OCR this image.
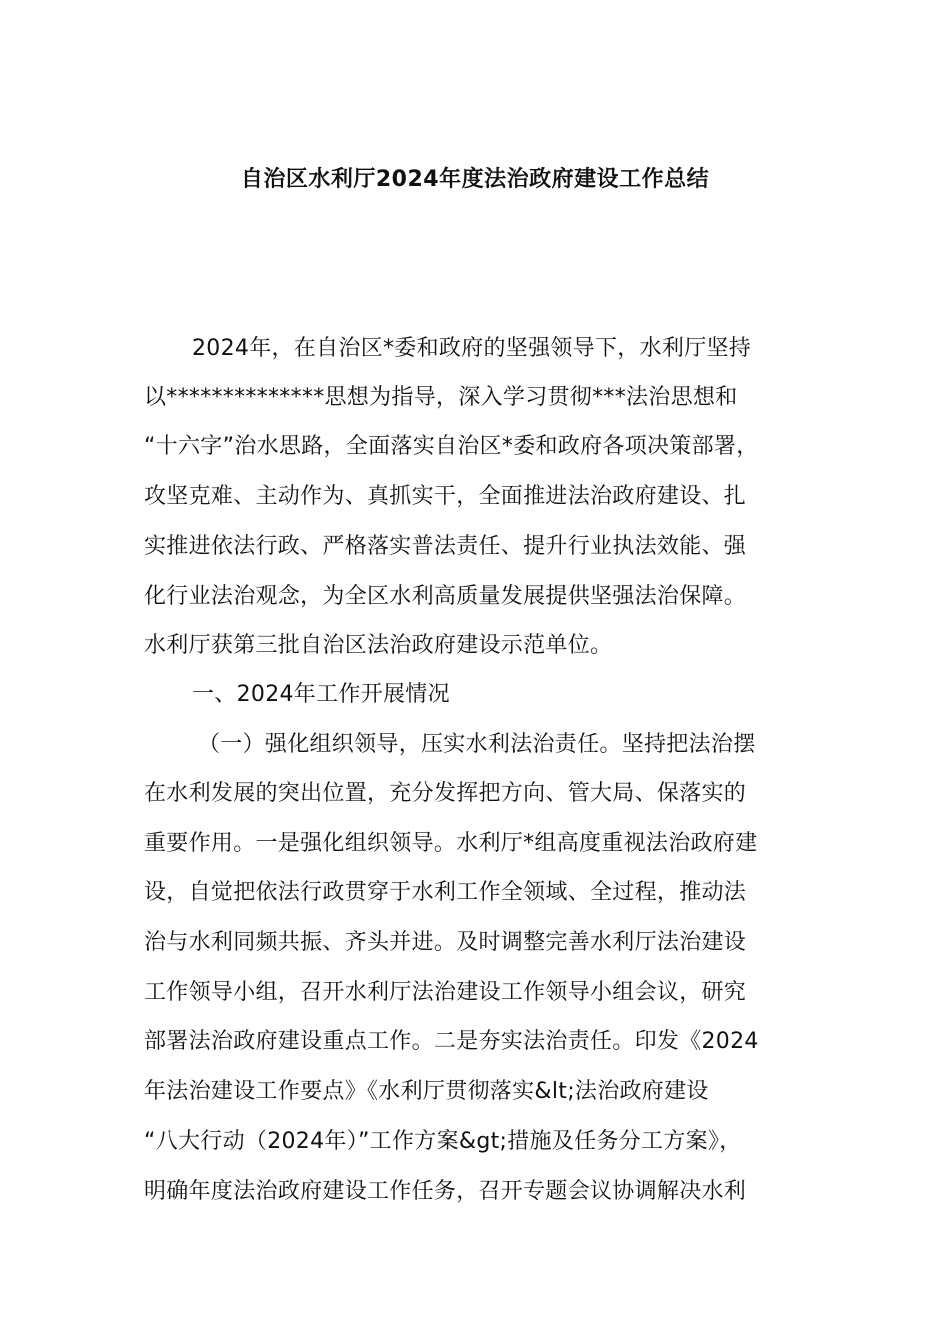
自治区水利厅2024年度法治政府建设工作总结
2024年，在自治区*委和政府的坚强领导下，水利厅坚持
以**************思想为指导，深入学习贯彻***法治思想和
“十六字”治水思路，全面落实自治区*委和政府各项决策部署，
攻坚克难、主动作为、真抓实干，全面推进法治政府建设、扎
实推进依法行政、严格落实普法责任、提升行业执法效能、强
化行业法治观念，为全区水利高质量发展提供坚强法治保障。
水利厅获第三批自治区法治政府建设示范单位。
一、2024年工作开展情况
（一）强化组织领导，压实水利法治责任。坚持把法治摆
在水利发展的突出位置，充分发挥把方向、管大局、保落实的
重要作用。一是强化组织领导。水利厅*组高度重视法治政府建
设，自觉把依法行政贯穿于水利工作全领域、全过程，推动法
治与水利同频共振、齐头并进。及时调整完善水利厅法治建设
工作领导小组，召开水利厅法治建设工作领导小组会议，研究
部署法治政府建设重点工作。二是夯实法治责任。印发《2024
年法治建设工作要点》《水利厅贯彻落实&lt;法治政府建设
“八大行动（2024年）”工作方案&gt;措施及任务分工方案》，
明确年度法治政府建设工作任务，召开专题会议协调解决水利
